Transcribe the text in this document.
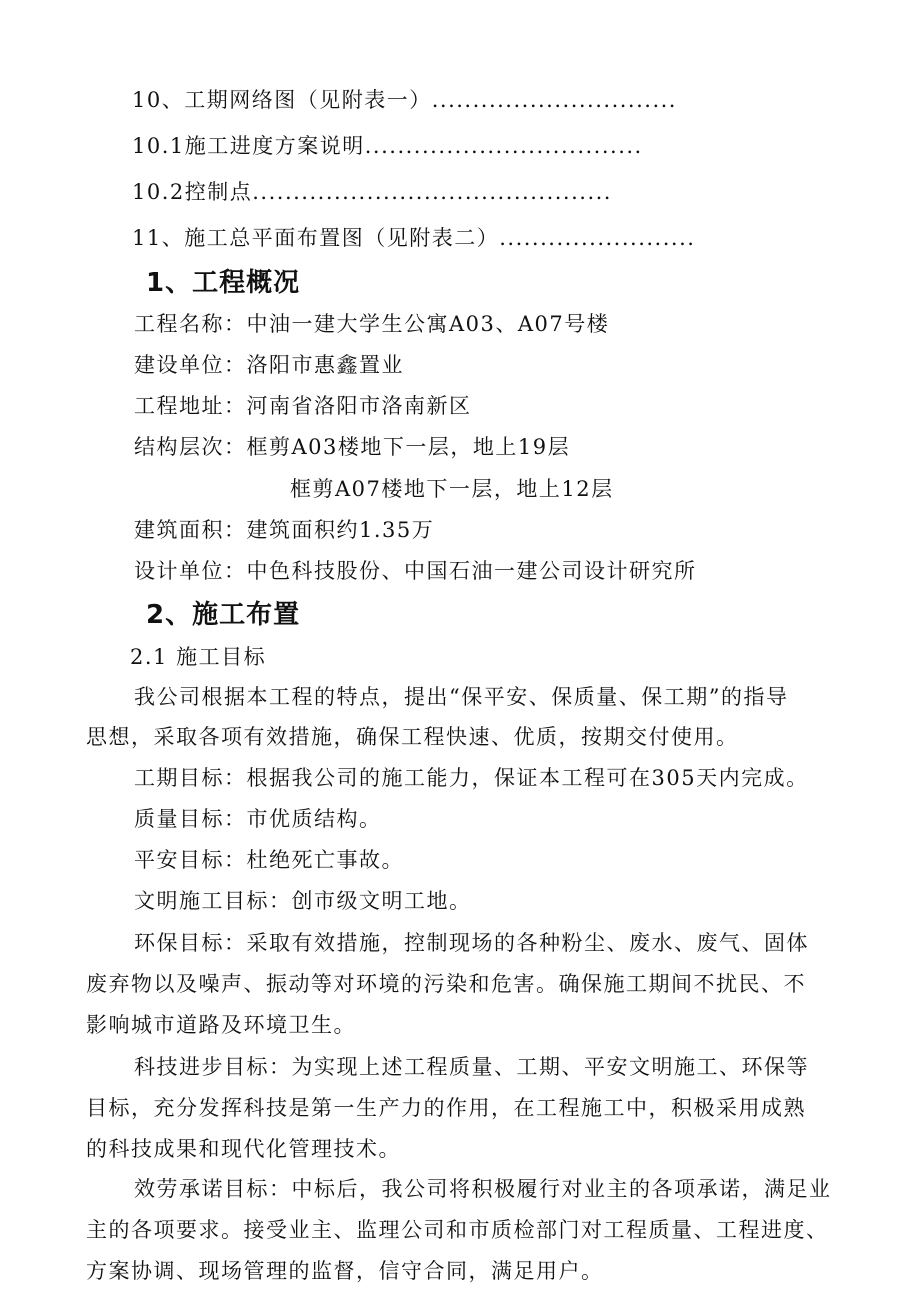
10、工期网络图（见附表一）..............................
10.1施工进度方案说明..................................
10.2控制点............................................
11、施工总平面布置图（见附表二）........................
1、工程概况
工程名称：中油一建大学生公寓A03、A07号楼
建设单位：洛阳市惠鑫置业
工程地址：河南省洛阳市洛南新区
结构层次：框剪A03楼地下一层，地上19层
框剪A07楼地下一层，地上12层
建筑面积：建筑面积约1.35万
设计单位：中色科技股份、中国石油一建公司设计研究所
2、施工布置
2.1 施工目标
我公司根据本工程的特点，提出“保平安、保质量、保工期”的指导
思想，采取各项有效措施，确保工程快速、优质，按期交付使用。
工期目标：根据我公司的施工能力，保证本工程可在305天内完成。
质量目标：市优质结构。
平安目标：杜绝死亡事故。
文明施工目标：创市级文明工地。
环保目标：采取有效措施，控制现场的各种粉尘、废水、废气、固体
废弃物以及噪声、振动等对环境的污染和危害。确保施工期间不扰民、不
影响城市道路及环境卫生。
科技进步目标：为实现上述工程质量、工期、平安文明施工、环保等
目标，充分发挥科技是第一生产力的作用，在工程施工中，积极采用成熟
的科技成果和现代化管理技术。
效劳承诺目标：中标后，我公司将积极履行对业主的各项承诺，满足业
主的各项要求。接受业主、监理公司和市质检部门对工程质量、工程进度、
方案协调、现场管理的监督，信守合同，满足用户。
